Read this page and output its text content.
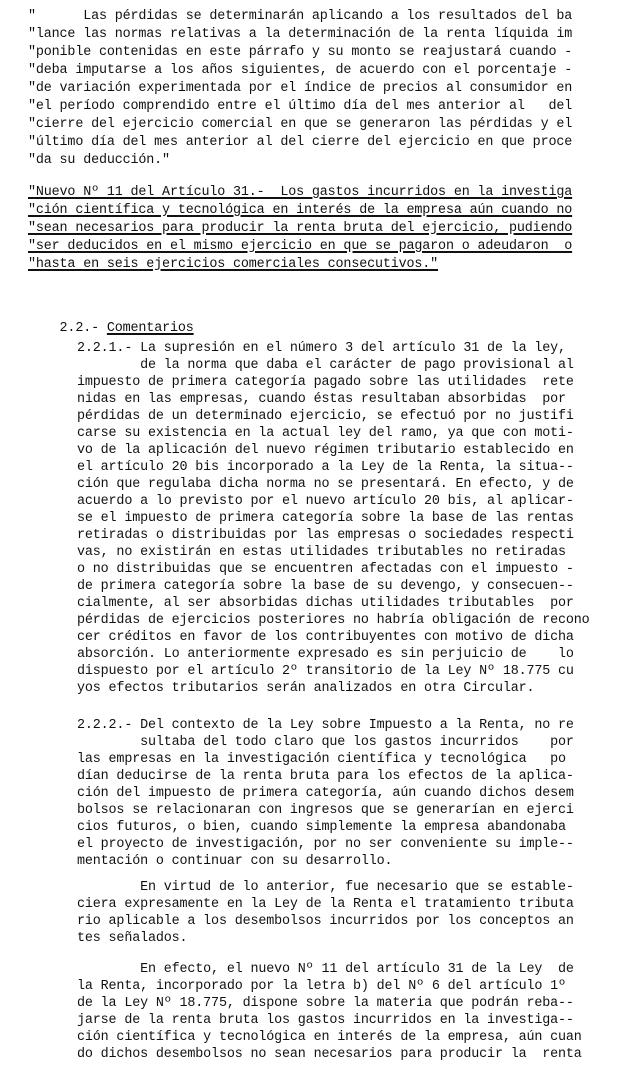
"      Las pérdidas se determinarán aplicando a los resultados del ba
"lance las normas relativas a la determinación de la renta líquida im
"ponible contenidas en este párrafo y su monto se reajustará cuando -
"deba imputarse a los años siguientes, de acuerdo con el porcentaje -
"de variación experimentada por el índice de precios al consumidor en
"el período comprendido entre el último día del mes anterior al   del
"cierre del ejercicio comercial en que se generaron las pérdidas y el
"último día del mes anterior al del cierre del ejercicio en que proce
"da su deducción."
"Nuevo Nº 11 del Artículo 31.-  Los gastos incurridos en la investiga
"ción científica y tecnológica en interés de la empresa aún cuando no
"sean necesarios para producir la renta bruta del ejercicio, pudiendo
"ser deducidos en el mismo ejercicio en que se pagaron o adeudaron  o
"hasta en seis ejercicios comerciales consecutivos."

2.2.- Comentarios

2.2.1.- La supresión en el número 3 del artículo 31 de la ley,
de la norma que daba el carácter de pago provisional al
impuesto de primera categoría pagado sobre las utilidades  rete
nidas en las empresas, cuando éstas resultaban absorbidas  por
pérdidas de un determinado ejercicio, se efectuó por no justifi
carse su existencia en la actual ley del ramo, ya que con moti-
vo de la aplicación del nuevo régimen tributario establecido en
el artículo 20 bis incorporado a la Ley de la Renta, la situa--
ción que regulaba dicha norma no se presentará. En efecto, y de
acuerdo a lo previsto por el nuevo artículo 20 bis, al aplicar-
se el impuesto de primera categoría sobre la base de las rentas
retiradas o distribuidas por las empresas o sociedades respecti
vas, no existirán en estas utilidades tributables no retiradas
o no distribuidas que se encuentren afectadas con el impuesto -
de primera categoría sobre la base de su devengo, y consecuen--
cialmente, al ser absorbidas dichas utilidades tributables  por
pérdidas de ejercicios posteriores no habría obligación de recono
cer créditos en favor de los contribuyentes con motivo de dicha
absorción. Lo anteriormente expresado es sin perjuicio de    lo
dispuesto por el artículo 2º transitorio de la Ley Nº 18.775 cu
yos efectos tributarios serán analizados en otra Circular.
2.2.2.- Del contexto de la Ley sobre Impuesto a la Renta, no re
sultaba del todo claro que los gastos incurridos    por
las empresas en la investigación científica y tecnológica   po
dían deducirse de la renta bruta para los efectos de la aplica-
ción del impuesto de primera categoría, aún cuando dichos desem
bolsos se relacionaran con ingresos que se generarían en ejerci
cios futuros, o bien, cuando simplemente la empresa abandonaba
el proyecto de investigación, por no ser conveniente su imple--
mentación o continuar con su desarrollo.
En virtud de lo anterior, fue necesario que se estable-
ciera expresamente en la Ley de la Renta el tratamiento tributa
rio aplicable a los desembolsos incurridos por los conceptos an
tes señalados.
En efecto, el nuevo Nº 11 del artículo 31 de la Ley  de
la Renta, incorporado por la letra b) del Nº 6 del artículo 1º
de la Ley Nº 18.775, dispone sobre la materia que podrán reba--
jarse de la renta bruta los gastos incurridos en la investiga--
ción científica y tecnológica en interés de la empresa, aún cuan
do dichos desembolsos no sean necesarios para producir la  renta
